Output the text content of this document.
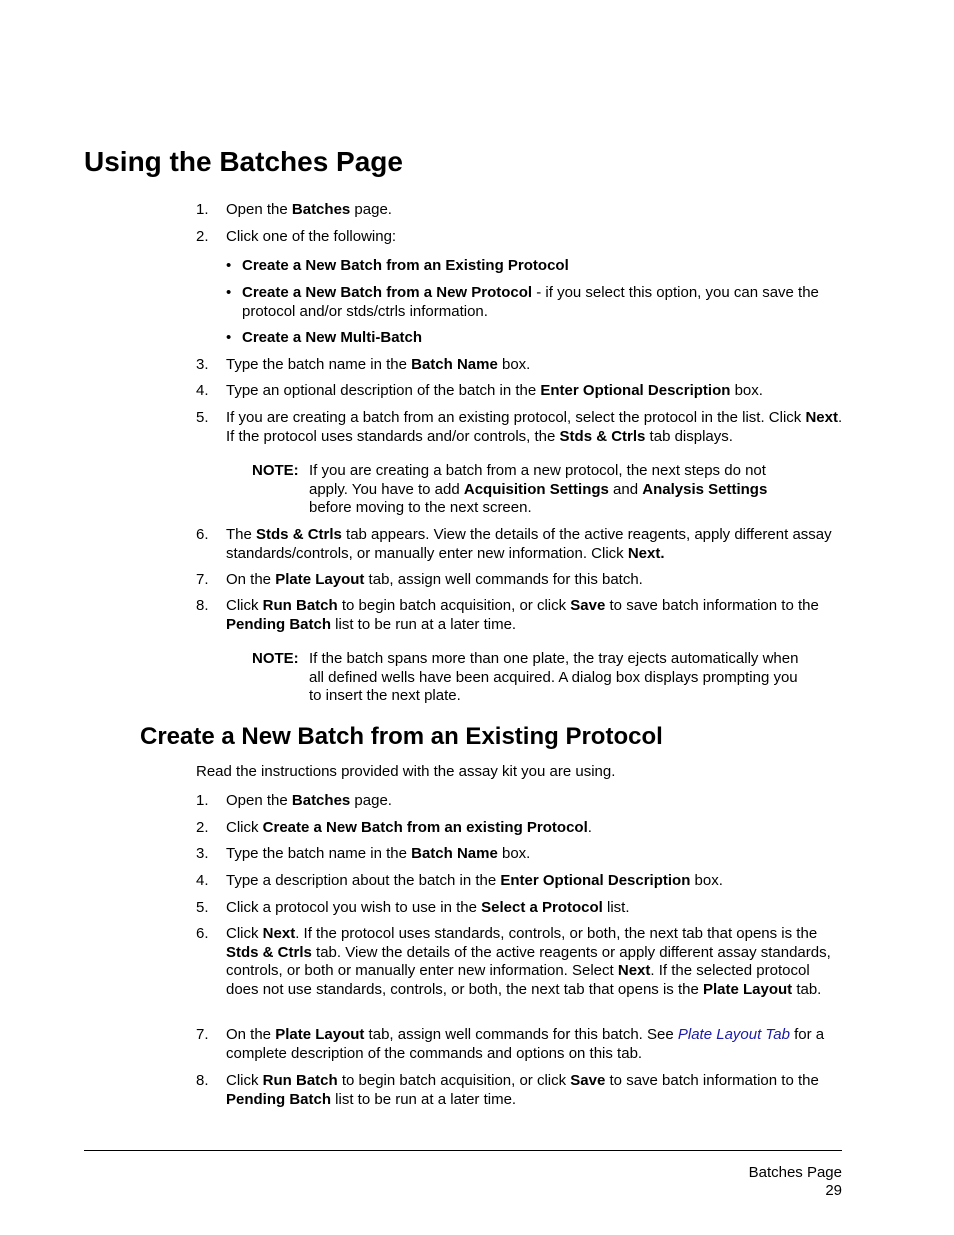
Using the Batches Page
1. Open the Batches page.
2. Click one of the following:
• Create a New Batch from an Existing Protocol
• Create a New Batch from a New Protocol - if you select this option, you can save the protocol and/or stds/ctrls information.
• Create a New Multi-Batch
3. Type the batch name in the Batch Name box.
4. Type an optional description of the batch in the Enter Optional Description box.
5. If you are creating a batch from an existing protocol, select the protocol in the list. Click Next. If the protocol uses standards and/or controls, the Stds & Ctrls tab displays.
NOTE: If you are creating a batch from a new protocol, the next steps do not apply. You have to add Acquisition Settings and Analysis Settings before moving to the next screen.
6. The Stds & Ctrls tab appears. View the details of the active reagents, apply different assay standards/controls, or manually enter new information. Click Next.
7. On the Plate Layout tab, assign well commands for this batch.
8. Click Run Batch to begin batch acquisition, or click Save to save batch information to the Pending Batch list to be run at a later time.
NOTE: If the batch spans more than one plate, the tray ejects automatically when all defined wells have been acquired. A dialog box displays prompting you to insert the next plate.
Create a New Batch from an Existing Protocol
Read the instructions provided with the assay kit you are using.
1. Open the Batches page.
2. Click Create a New Batch from an existing Protocol.
3. Type the batch name in the Batch Name box.
4. Type a description about the batch in the Enter Optional Description box.
5. Click a protocol you wish to use in the Select a Protocol list.
6. Click Next. If the protocol uses standards, controls, or both, the next tab that opens is the Stds & Ctrls tab. View the details of the active reagents or apply different assay standards, controls, or both or manually enter new information. Select Next. If the selected protocol does not use standards, controls, or both, the next tab that opens is the Plate Layout tab.
7. On the Plate Layout tab, assign well commands for this batch. See Plate Layout Tab for a complete description of the commands and options on this tab.
8. Click Run Batch to begin batch acquisition, or click Save to save batch information to the Pending Batch list to be run at a later time.
Batches Page
29
